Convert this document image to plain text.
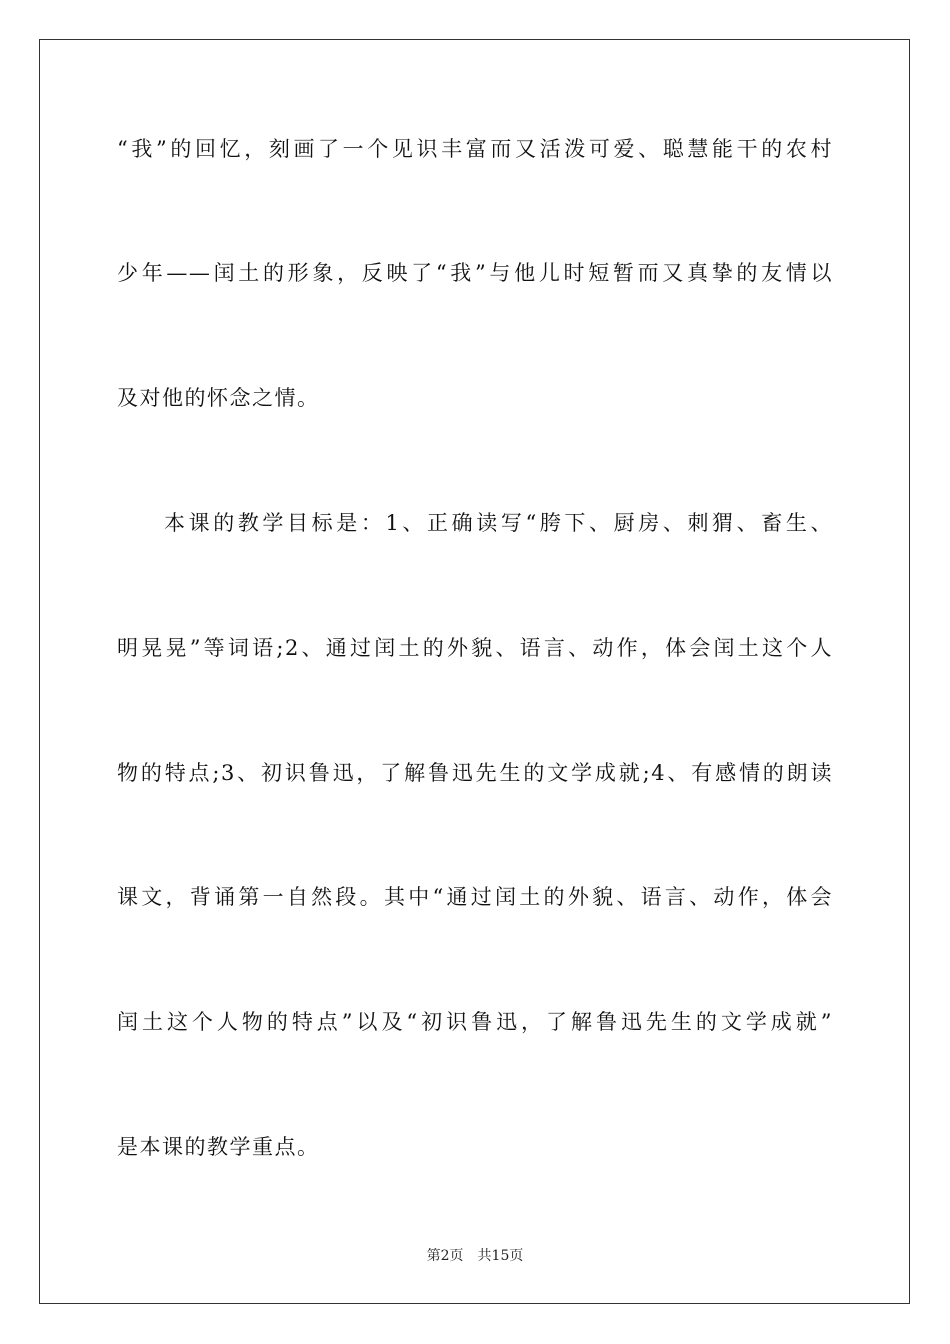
“我”的回忆，刻画了一个见识丰富而又活泼可爱、聪慧能干的农村
少年——闰土的形象，反映了“我”与他儿时短暂而又真挚的友情以
及对他的怀念之情。
本课的教学目标是：1、正确读写“胯下、厨房、刺猬、畜生、
明晃晃”等词语;2、通过闰土的外貌、语言、动作，体会闰土这个人
物的特点;3、初识鲁迅，了解鲁迅先生的文学成就;4、有感情的朗读
课文，背诵第一自然段。其中“通过闰土的外貌、语言、动作，体会
闰土这个人物的特点”以及“初识鲁迅，了解鲁迅先生的文学成就”
是本课的教学重点。
第2页 共15页
